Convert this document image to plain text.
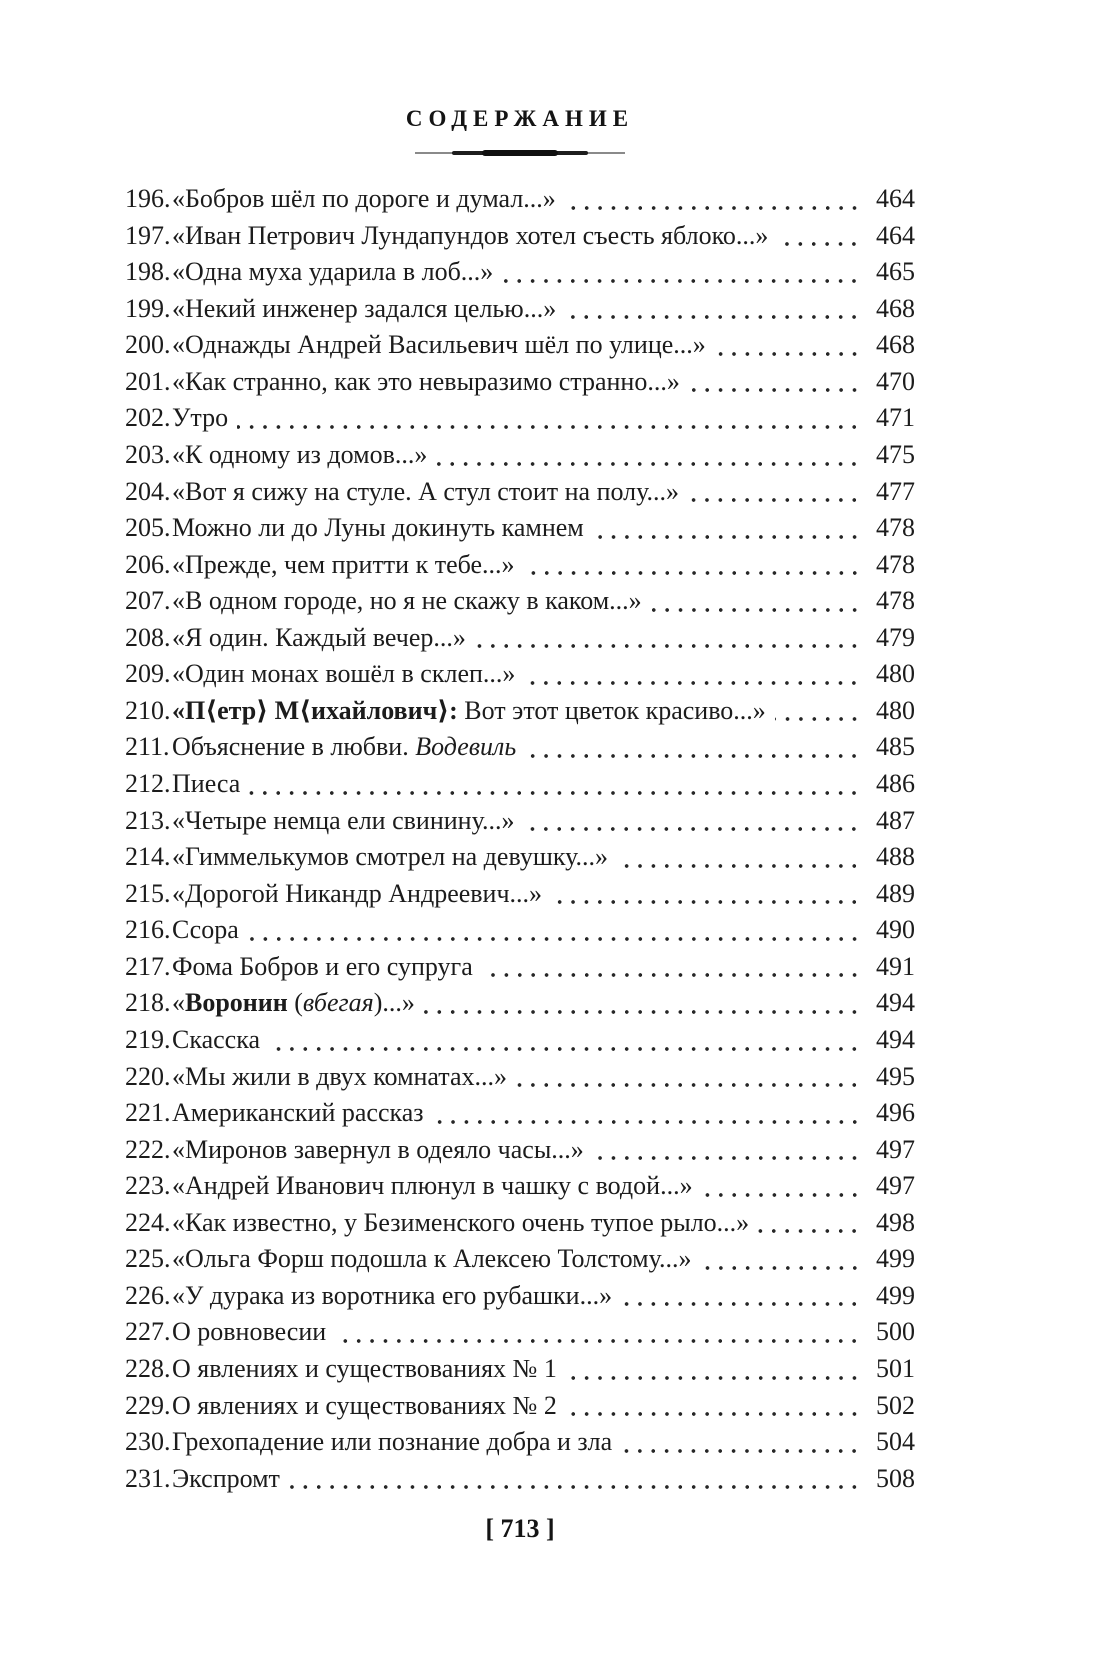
СОДЕРЖАНИЕ
196. «Бобров шёл по дороге и думал...»	464
197. «Иван Петрович Лундапундов хотел съесть яблоко...»	464
198. «Одна муха ударила в лоб...»	465
199. «Некий инженер задался целью...»	468
200. «Однажды Андрей Васильевич шёл по улице...»	468
201. «Как странно, как это невыразимо странно...»	470
202. Утро	471
203. «К одному из домов...»	475
204. «Вот я сижу на стуле. А стул стоит на полу...»	477
205. Можно ли до Луны докинуть камнем	478
206. «Прежде, чем притти к тебе...»	478
207. «В одном городе, но я не скажу в каком...»	478
208. «Я один. Каждый вечер...»	479
209. «Один монах вошёл в склеп...»	480
210. «П⟨етр⟩ М⟨ихайлович⟩: Вот этот цветок красиво...»	480
211. Объяснение в любви. Водевиль	485
212. Пиеса	486
213. «Четыре немца ели свинину...»	487
214. «Гиммелькумов смотрел на девушку...»	488
215. «Дорогой Никандр Андреевич...»	489
216. Ссора	490
217. Фома Бобров и его супруга	491
218. «Воронин (вбегая)...»	494
219. Скасска	494
220. «Мы жили в двух комнатах...»	495
221. Американский рассказ	496
222. «Миронов завернул в одеяло часы...»	497
223. «Андрей Иванович плюнул в чашку с водой...»	497
224. «Как известно, у Безименского очень тупое рыло...»	498
225. «Ольга Форш подошла к Алексею Толстому...»	499
226. «У дурака из воротника его рубашки...»	499
227. О ровновесии	500
228. О явлениях и существованиях № 1	501
229. О явлениях и существованиях № 2	502
230. Грехопадение или познание добра и зла	504
231. Экспромт	508
[ 713 ]
